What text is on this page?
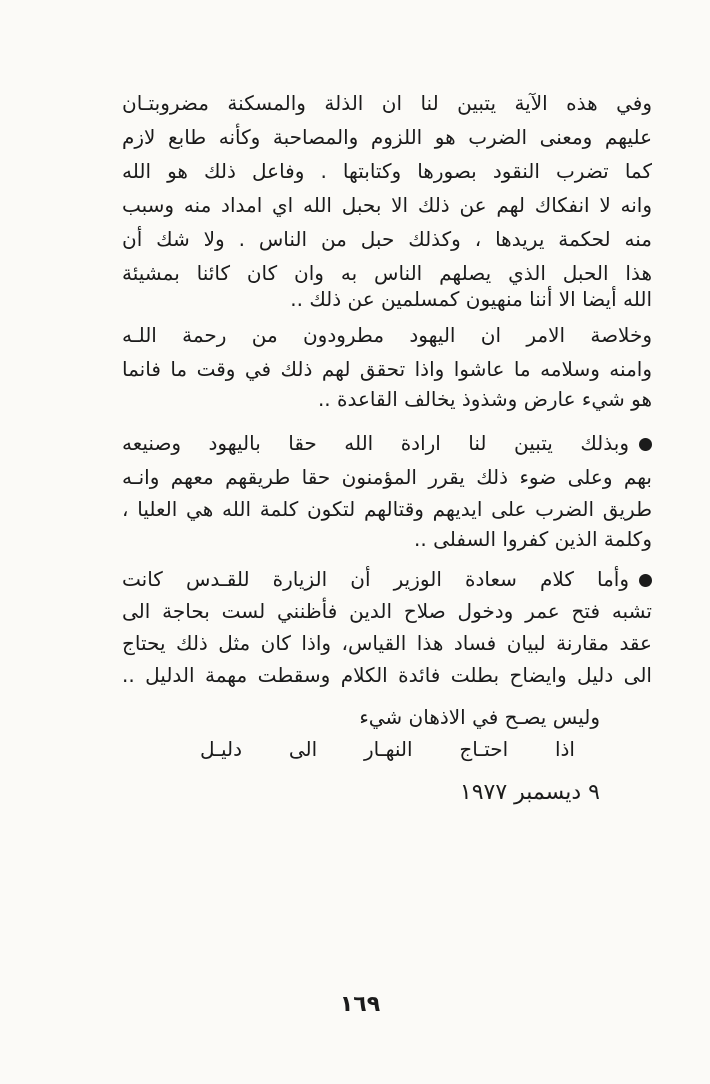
وفي هذه الآية يتبين لنا ان الذلة والمسكنة مضروبتـان
عليهم ومعنى الضرب هو اللزوم والمصاحبة وكأنه طابع لازم
كما تضرب النقود بصورها وكتابتها . وفاعل ذلك هو الله
وانه لا انفكاك لهم عن ذلك الا بحبل الله اي امداد منه وسبب
منه لحكمة يريدها ، وكذلك حبل من الناس . ولا شك أن
هذا الحبل الذي يصلهم الناس به وان كان كائنا بمشيئة
الله أيضا الا أننا منهيون كمسلمين عن ذلك ..
وخلاصة الامر ان اليهود مطرودون من رحمة اللـه
وامنه وسلامه ما عاشوا واذا تحقق لهم ذلك في وقت ما فانما
هو شيء عارض وشذوذ يخالف القاعدة ..
وبذلك يتبين لنا ارادة الله حقا باليهود وصنيعه
بهم وعلى ضوء ذلك يقرر المؤمنون حقا طريقهم معهم وانـه
طريق الضرب على ايديهم وقتالهم لتكون كلمة الله هي العليا ،
وكلمة الذين كفروا السفلى ..
وأما كلام سعادة الوزير أن الزيارة للقـدس كانت
تشبه فتح عمر ودخول صلاح الدين فأظنني لست بحاجة الى
عقد مقارنة لبيان فساد هذا القياس، واذا كان مثل ذلك يحتاج
الى دليل وايضاح بطلت فائدة الكلام وسقطت مهمة الدليل ..
وليس يصـح في الاذهان شيء
اذا احتـاج النهـار الى دليـل
٩ ديسمبر ١٩٧٧
١٦٩
